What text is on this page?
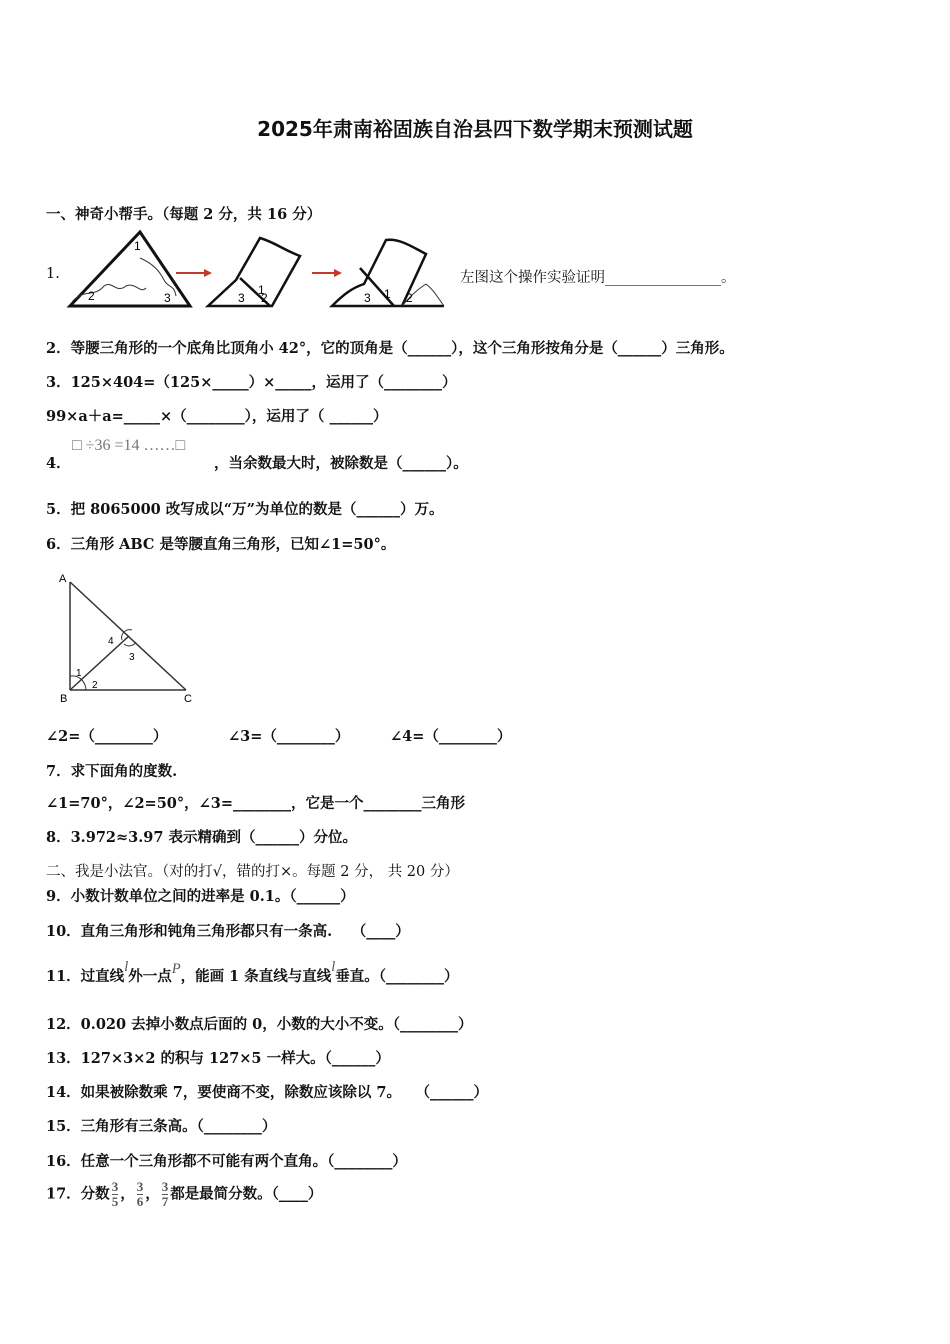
2025年肃南裕固族自治县四下数学期末预测试题
一、神奇小帮手。（每题 2 分，共 16 分）
1.
1
2	3
1
3 2	3 1 2
左图这个操作实验证明________________。
2．等腰三角形的一个底角比顶角小 42°，它的顶角是（______），这个三角形按角分是（______）三角形。
3．125×404=（125×_____）×_____，运用了（________）
99×a＋a=_____×（________），运用了（ ______）
4．
□ ÷36 =14 ……□
，当余数最大时，被除数是（______）。
5．把 8065000 改写成以“万”为单位的数是（______）万。
6．三角形 ABC 是等腰直角三角形，已知∠1=50°。
A
B	C
1
2
3
4
∠2=（________）	∠3=（________）	∠4=（________）
7．求下面角的度数.
∠1=70°，∠2=50°，∠3=________，它是一个________三角形
8．3.972≈3.97 表示精确到（______）分位。
二、我是小法官。（对的打√，错的打×。每题 2 分， 共 20 分）
9．小数计数单位之间的进率是 0.1。（______）
10．直角三角形和钝角三角形都只有一条高.　 （____）
11．过直线l外一点P，能画 1 条直线与直线l垂直。（________）
12．0.020 去掉小数点后面的 0，小数的大小不变。（________）
13．127×3×2 的积与 127×5 一样大。（______）
14．如果被除数乘 7，要使商不变，除数应该除以 7。　　（______）
15．三角形有三条高。（________）
16．任意一个三角形都不可能有两个直角。（________）
17．分数 $\frac{3}{5}$ ， $\frac{3}{6}$ ， $\frac{3}{7}$ 都是最简分数。（____）
